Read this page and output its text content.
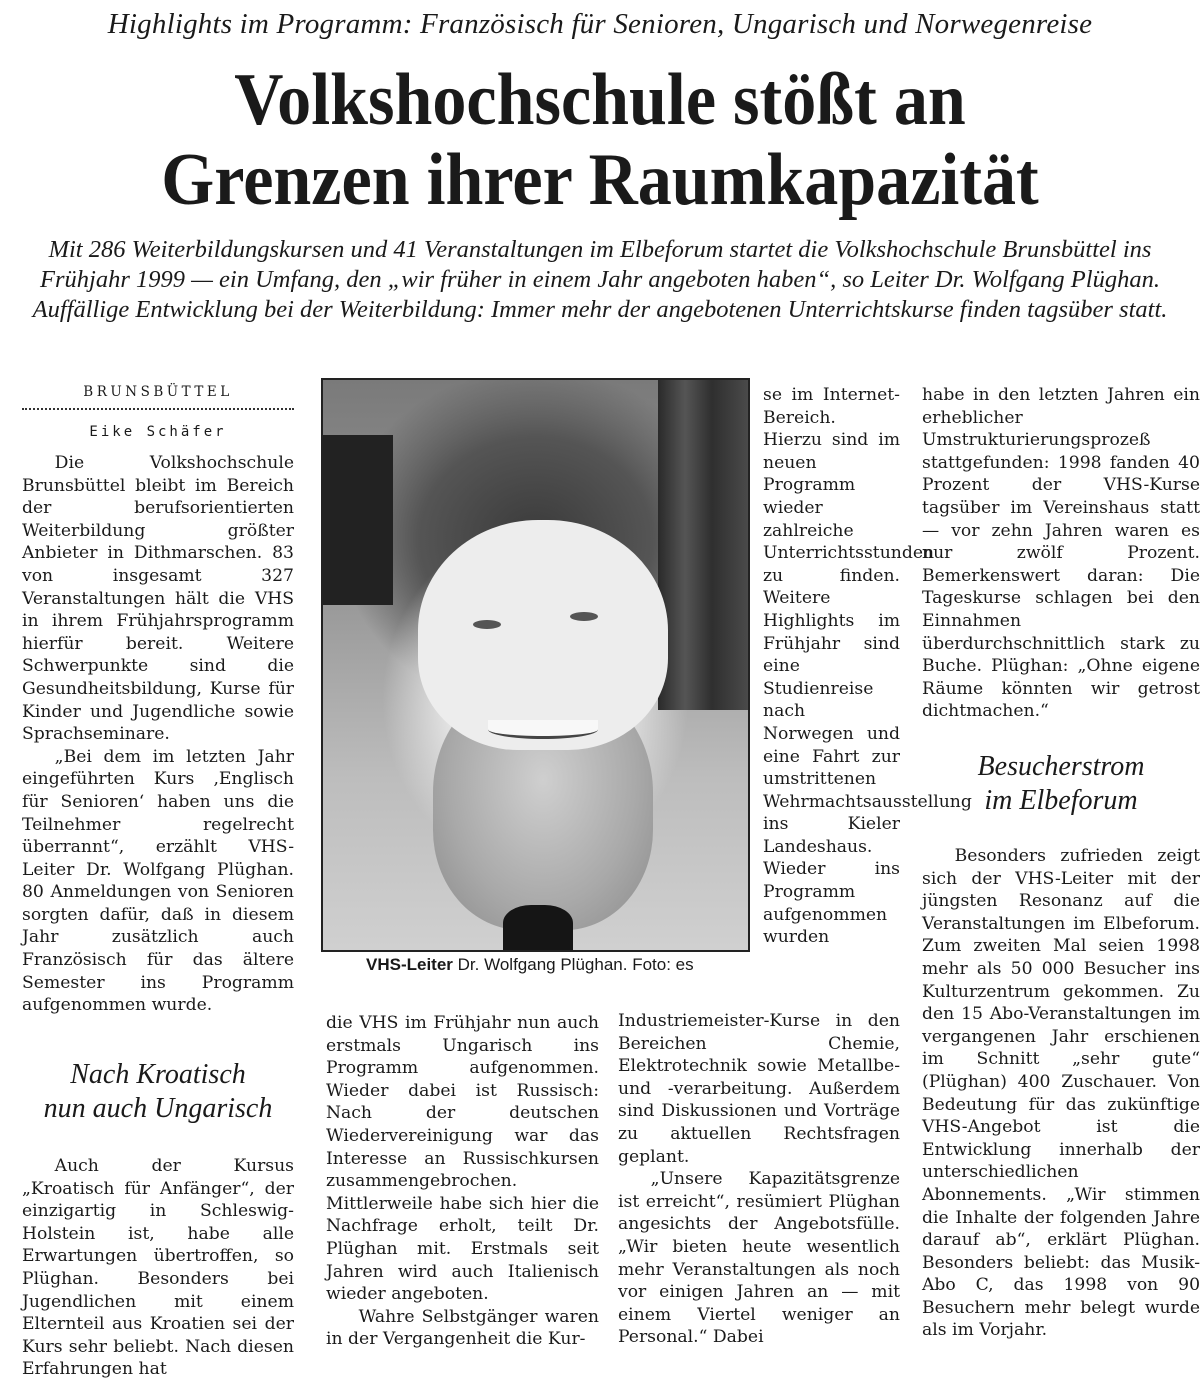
Highlights im Programm: Französisch für Senioren, Ungarisch und Norwegenreise
Volkshochschule stößt an
Grenzen ihrer Raumkapazität
Mit 286 Weiterbildungskursen und 41 Veranstaltungen im Elbeforum startet die Volkshochschule Brunsbüttel ins Frühjahr 1999 — ein Umfang, den „wir früher in einem Jahr angeboten haben“, so Leiter Dr. Wolfgang Plüghan. Auffällige Entwicklung bei der Weiterbildung: Immer mehr der angebotenen Unterrichtskurse finden tagsüber statt.
BRUNSBÜTTEL
Eike Schäfer

Die Volkshochschule Brunsbüttel bleibt im Bereich der berufsorientierten Weiterbildung größter Anbieter in Dithmarschen. 83 von insgesamt 327 Veranstaltungen hält die VHS in ihrem Frühjahrsprogramm hierfür bereit. Weitere Schwerpunkte sind die Gesundheitsbildung, Kurse für Kinder und Jugendliche sowie Sprachseminare.

„Bei dem im letzten Jahr eingeführten Kurs ‚Englisch für Senioren‘ haben uns die Teilnehmer regelrecht überrannt“, erzählt VHS-Leiter Dr. Wolfgang Plüghan. 80 Anmeldungen von Senioren sorgten dafür, daß in diesem Jahr zusätzlich auch Französisch für das ältere Semester ins Programm aufgenommen wurde.

Nach Kroatisch
nun auch Ungarisch

Auch der Kursus „Kroatisch für Anfänger“, der einzigartig in Schleswig-Holstein ist, habe alle Erwartungen übertroffen, so Plüghan. Besonders bei Jugendlichen mit einem Elternteil aus Kroatien sei der Kurs sehr beliebt. Nach diesen Erfahrungen hat

VHS-Leiter Dr. Wolfgang Plüghan. Foto: es

die VHS im Frühjahr nun auch erstmals Ungarisch ins Programm aufgenommen. Wieder dabei ist Russisch: Nach der deutschen Wiedervereinigung war das Interesse an Russischkursen zusammengebrochen. Mittlerweile habe sich hier die Nachfrage erholt, teilt Dr. Plüghan mit. Erstmals seit Jahren wird auch Italienisch wieder angeboten.

Wahre Selbstgänger waren in der Vergangenheit die Kur-

se im Internet-Bereich. Hierzu sind im neuen Programm wieder zahlreiche Unterrichtsstunden zu finden. Weitere Highlights im Frühjahr sind eine Studienreise nach Norwegen und eine Fahrt zur umstrittenen Wehrmachtsausstellung ins Kieler Landeshaus. Wieder ins Programm aufgenommen wurden

Industriemeister-Kurse in den Bereichen Chemie, Elektrotechnik sowie Metallbe- und -verarbeitung. Außerdem sind Diskussionen und Vorträge zu aktuellen Rechtsfragen geplant.

„Unsere Kapazitätsgrenze ist erreicht“, resümiert Plüghan angesichts der Angebotsfülle. „Wir bieten heute wesentlich mehr Veranstaltungen als noch vor einigen Jahren an — mit einem Viertel weniger an Personal.“ Dabei

habe in den letzten Jahren ein erheblicher Umstrukturierungsprozeß stattgefunden: 1998 fanden 40 Prozent der VHS-Kurse tagsüber im Vereinshaus statt — vor zehn Jahren waren es nur zwölf Prozent. Bemerkenswert daran: Die Tageskurse schlagen bei den Einnahmen überdurchschnittlich stark zu Buche. Plüghan: „Ohne eigene Räume könnten wir getrost dichtmachen.“

Besucherstrom
im Elbeforum

Besonders zufrieden zeigt sich der VHS-Leiter mit der jüngsten Resonanz auf die Veranstaltungen im Elbeforum. Zum zweiten Mal seien 1998 mehr als 50 000 Besucher ins Kulturzentrum gekommen. Zu den 15 Abo-Veranstaltungen im vergangenen Jahr erschienen im Schnitt „sehr gute“ (Plüghan) 400 Zuschauer. Von Bedeutung für das zukünftige VHS-Angebot ist die Entwicklung innerhalb der unterschiedlichen Abonnements. „Wir stimmen die Inhalte der folgenden Jahre darauf ab“, erklärt Plüghan. Besonders beliebt: das Musik-Abo C, das 1998 von 90 Besuchern mehr belegt wurde als im Vorjahr.
